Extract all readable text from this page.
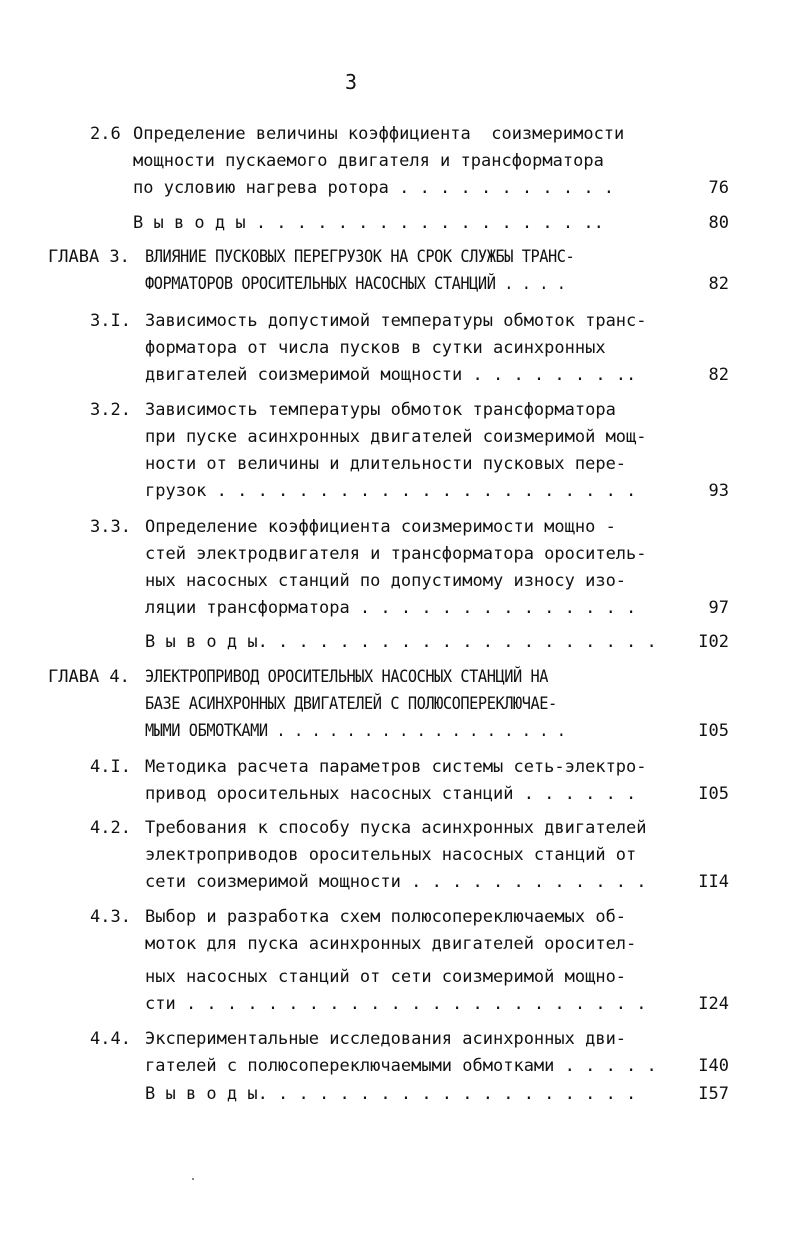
3
2.6 Определение величины коэффициента  соизмеримости
мощности пускаемого двигателя и трансформатора
по условию нагрева ротора . . . . . . . . . . .	76
В ы в о д ы . . . . . . . . . . . . . . . . ..	80
ГЛАВА 3. ВЛИЯНИЕ ПУСКОВЫХ ПЕРЕГРУЗОК НА СРОК СЛУЖБЫ ТРАНС-
ФОРМАТОРОВ ОРОСИТЕЛЬНЫХ НАСОСНЫХ СТАНЦИЙ . . . .	82
3.I. Зависимость допустимой температуры обмоток транс-
форматора от числа пусков в сутки асинхронных
двигателей соизмеримой мощности . . . . . . . ..	82
3.2. Зависимость температуры обмоток трансформатора
при пуске асинхронных двигателей соизмеримой мощ-
ности от величины и длительности пусковых пере-
грузок . . . . . . . . . . . . . . . . . . . . .	93
3.3. Определение коэффициента соизмеримости мощно -
стей электродвигателя и трансформатора ороситель-
ных насосных станций по допустимому износу изо-
ляции трансформатора . . . . . . . . . . . . . .	97
В ы в о д ы. . . . . . . . . . . . . . . . . . . . I02
ГЛАВА 4. ЭЛЕКТРОПРИВОД ОРОСИТЕЛЬНЫХ НАСОСНЫХ СТАНЦИЙ НА
БАЗЕ АСИНХРОННЫХ ДВИГАТЕЛЕЙ С ПОЛЮСОПЕРЕКЛЮЧАЕ-
МЫМИ ОБМОТКАМИ . . . . . . . . . . . . . . . . .	I05
4.I. Методика расчета параметров системы сеть-электро-
привод оросительных насосных станций . . . . . .	I05
4.2. Требования к способу пуска асинхронных двигателей
электроприводов оросительных насосных станций от
сети соизмеримой мощности . . . . . . . . . . . .	II4
4.3. Выбор и разработка схем полюсопереключаемых об-
моток для пуска асинхронных двигателей оросител-
ных насосных станций от сети соизмеримой мощно-
сти . . . . . . . . . . . . . . . . . . . . . . .	I24
4.4. Экспериментальные исследования асинхронных дви-
гателей с полюсопереключаемыми обмотками . . . . . I40
В ы в о д ы. . . . . . . . . . . . . . . . . . .	I57
